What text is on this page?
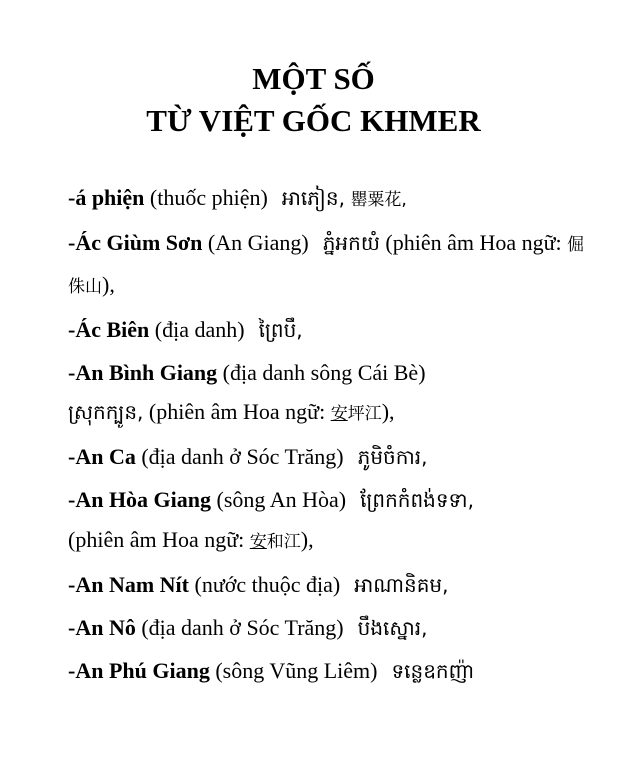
MỘT SỐ
TỪ VIỆT GỐC KHMER
-á phiện (thuốc phiện) អាភៀន, 罌粟花,
-Ác Giùm Sơn (An Giang) ភ្នំអកយំ (phiên âm Hoa ngữ: 倔侏山),
-Ác Biên (địa danh) ព្រៃបឹ,
-An Bình Giang (địa danh sông Cái Bè)
ស្រុកក្បូន, (phiên âm Hoa ngữ: 安坪江),
-An Ca (địa danh ở Sóc Trăng) ភូមិចំការ,
-An Hòa Giang (sông An Hòa) ព្រែកកំពង់ទទា,
(phiên âm Hoa ngữ: 安和江),
-An Nam Nít (nước thuộc địa) អាណានិគម,
-An Nô (địa danh ở Sóc Trăng) បឹងស្នោរ,
-An Phú Giang (sông Vũng Liêm) ទន្លេឧកញ៉ា
